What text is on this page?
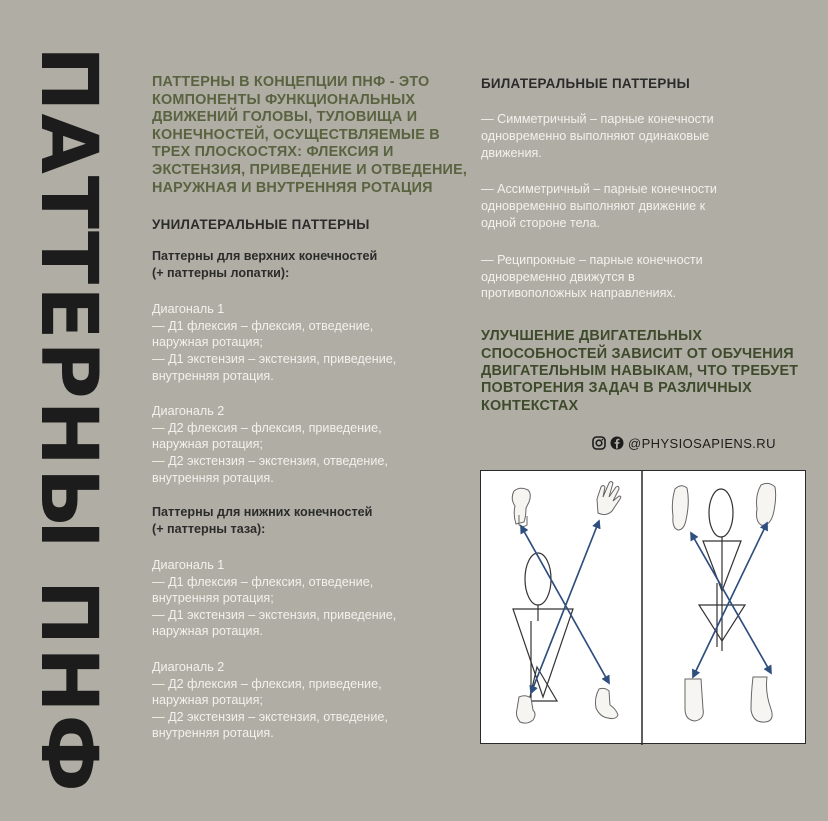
ПАТТЕРНЫ ПНФ	ПАТТЕРНЫ В КОНЦЕПЦИИ ПНФ - ЭТО КОМПОНЕНТЫ ФУНКЦИОНАЛЬНЫХ ДВИЖЕНИЙ ГОЛОВЫ, ТУЛОВИЩА И КОНЕЧНОСТЕЙ, ОСУЩЕСТВЛЯЕМЫЕ В ТРЕХ ПЛОСКОСТЯХ: ФЛЕКСИЯ И ЭКСТЕНЗИЯ, ПРИВЕДЕНИЕ И ОТВЕДЕНИЕ, НАРУЖНАЯ И ВНУТРЕННЯЯ РОТАЦИЯ

УНИЛАТЕРАЛЬНЫЕ ПАТТЕРНЫ

Паттерны для верхних конечностей
(+ паттерны лопатки):

Диагональ 1
— Д1 флексия – флексия, отведение,
наружная ротация;
— Д1 экстензия – экстензия, приведение,
внутренняя ротация.
Диагональ 2
— Д2 флексия – флексия, приведение,
наружная ротация;
— Д2 экстензия – экстензия, отведение,
внутренняя ротация.

Паттерны для нижних конечностей
(+ паттерны таза):

Диагональ 1
— Д1 флексия – флексия, отведение,
внутренняя ротация;
— Д1 экстензия – экстензия, приведение,
наружная ротация.
Диагональ 2
— Д2 флексия – флексия, приведение,
наружная ротация;
— Д2 экстензия – экстензия, отведение,
внутренняя ротация.

БИЛАТЕРАЛЬНЫЕ ПАТТЕРНЫ

— Симметричный – парные конечности
одновременно выполняют одинаковые
движения.

— Ассиметричный – парные конечности
одновременно выполняют движение к
одной стороне тела.

— Реципрокные – парные конечности
одновременно движутся в
противоположных направлениях.

УЛУЧШЕНИЕ ДВИГАТЕЛЬНЫХ СПОСОБНОСТЕЙ ЗАВИСИТ ОТ ОБУЧЕНИЯ ДВИГАТЕЛЬНЫМ НАВЫКАМ, ЧТО ТРЕБУЕТ ПОВТОРЕНИЯ ЗАДАЧ В РАЗЛИЧНЫХ КОНТЕКСТАХ

@PHYSIOSAPIENS.RU
